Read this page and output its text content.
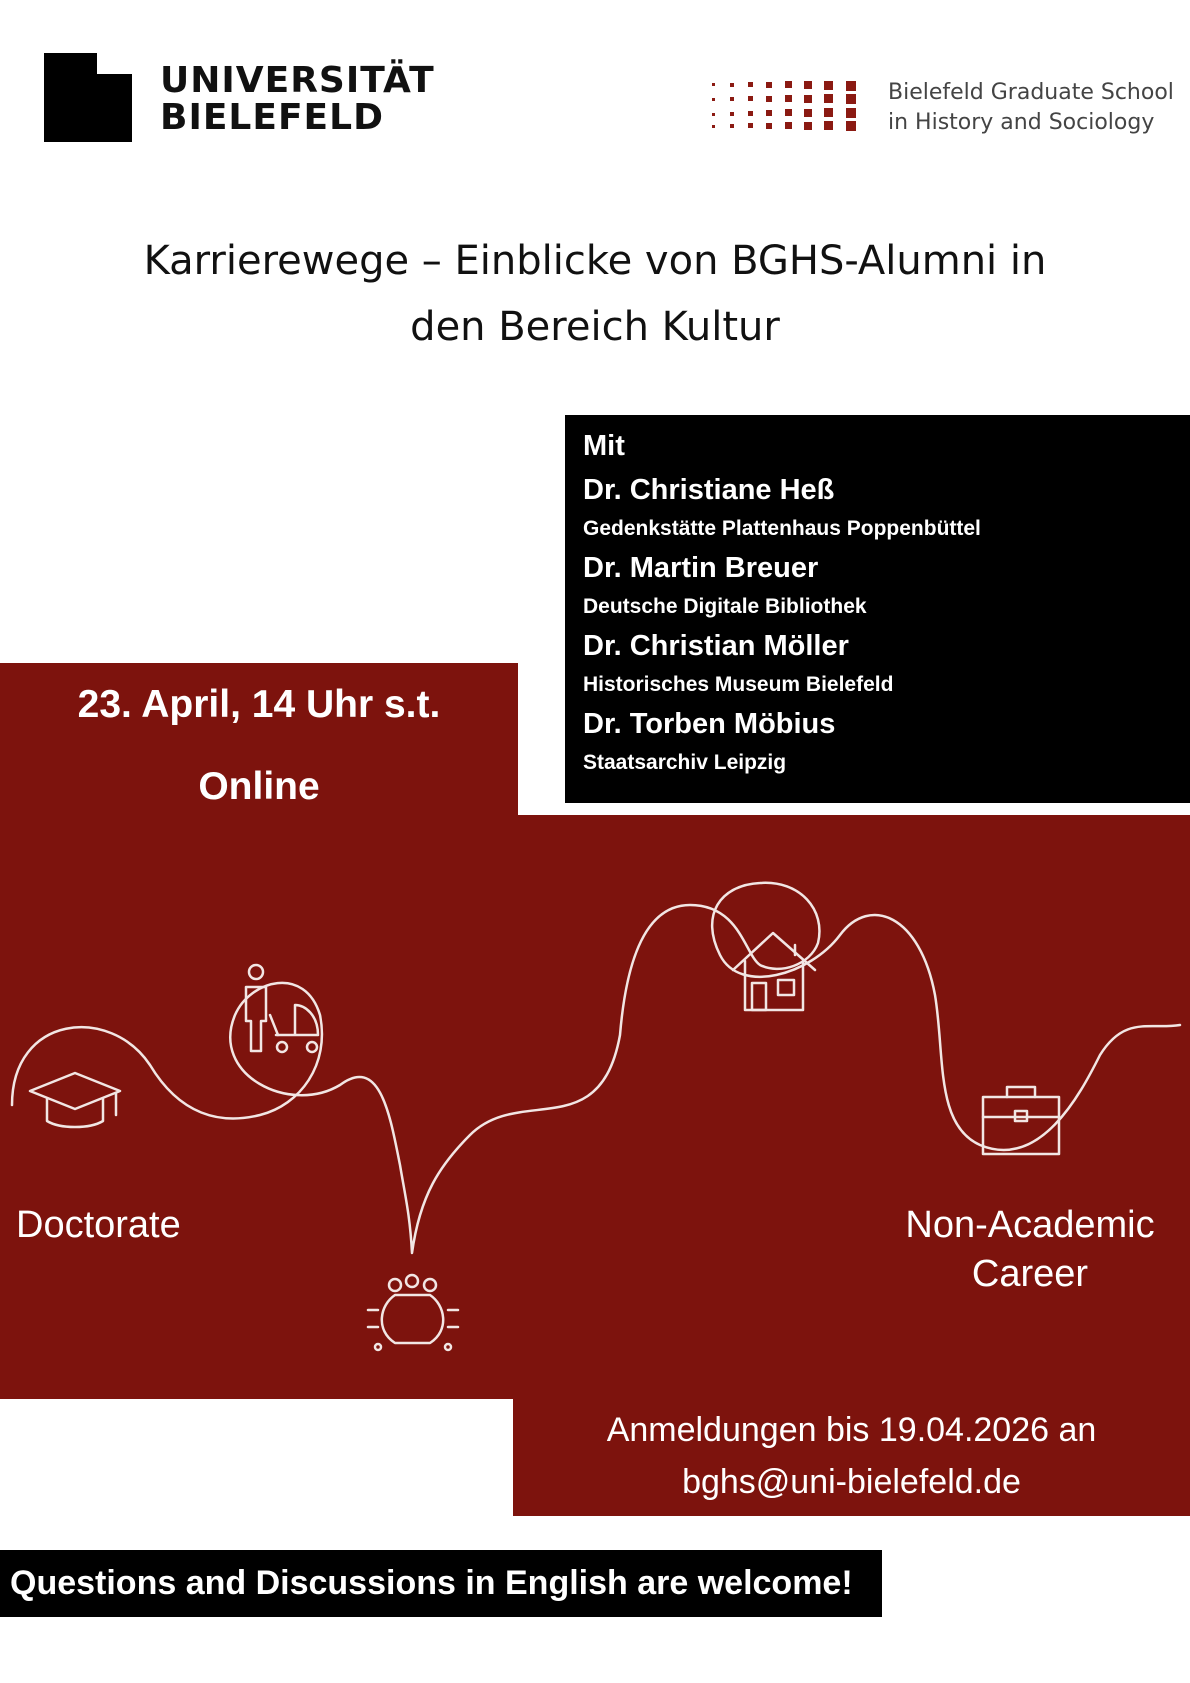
UNIVERSITÄT
BIELEFELD
Bielefeld Graduate School
in History and Sociology
Karrierewege – Einblicke von BGHS-Alumni in
den Bereich Kultur
23. April, 14 Uhr s.t.
Online
Mit
Dr. Christiane Heß
Gedenkstätte Plattenhaus Poppenbüttel
Dr. Martin Breuer
Deutsche Digitale Bibliothek
Dr. Christian Möller
Historisches Museum Bielefeld
Dr. Torben Möbius
Staatsarchiv Leipzig
Doctorate	Non-Academic
Career
Anmeldungen bis 19.04.2026 an
bghs@uni-bielefeld.de
Questions and Discussions in English are welcome!
